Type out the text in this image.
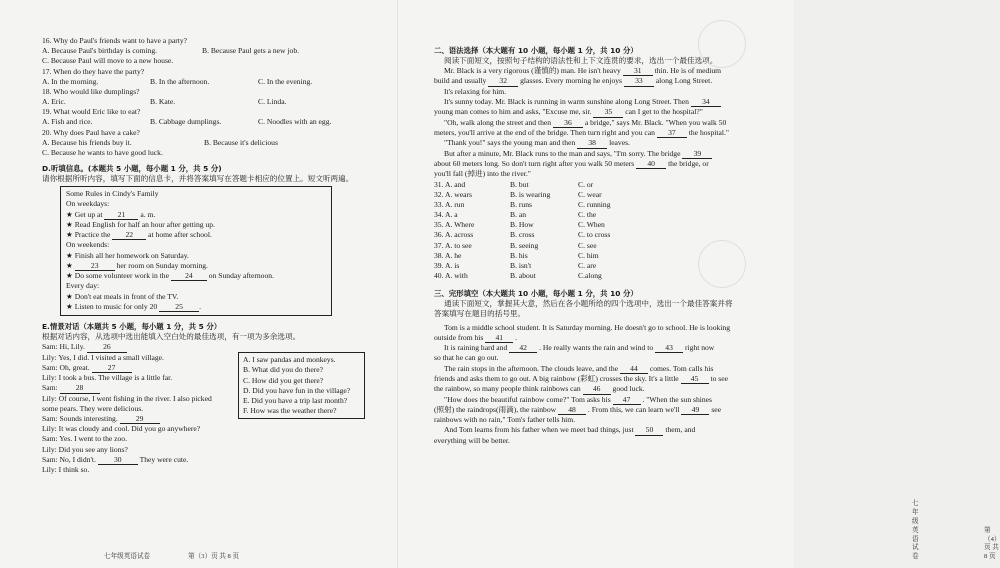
16. Why do Paul's friends want to have a party?
A. Because Paul's birthday is coming.	B. Because Paul gets a new job.
C. Because Paul will move to a new house.
17. When do they have the party?
A. In the morning.	B. In the afternoon.	C. In the evening.
18. Who would like dumplings?
A. Eric.	B. Kate.	C. Linda.
19. What would Eric like to eat?
A. Fish and rice.	B. Cabbage dumplings.	C. Noodles with an egg.
20. Why does Paul have a cake?
A. Because his friends buy it.	B. Because it's delicious
C. Because he wants to have good luck.
D.听填信息。(本题共 5 小题，每小题 1 分，共 5 分)
请你根据所听内容，填写下面的信息卡，并将答案填写在答题卡相应的位置上。短文听两遍。
Some Rules in Cindy's Family
On weekdays:
★ Get up at 21 a. m.
★ Read English for half an hour after getting up.
★ Practice the 22 at home after school.
On weekends:
★ Finish all her homework on Saturday.
★ 23 her room on Sunday morning.
★ Do some volunteer work in the 24 on Sunday afternoon.
Every day:
★ Don't eat meals in front of the TV.
★ Listen to music for only 20 25 .
E.情景对话（本题共 5 小题，每小题 1 分，共 5 分）
根据对话内容，从选项中选出能填入空白处的最佳选项，有一项为多余选项。
Sam: Hi, Lily. 26
Lily: Yes, I did. I visited a small village.
Sam: Oh, great. 27
Lily: I took a bus. The village is a little far.
Sam: 28
Lily: Of course, I went fishing in the river. I also picked
some pears. They were delicious.
Sam: Sounds interesting. 29
Lily: It was cloudy and cool. Did you go anywhere?
Sam: Yes. I went to the zoo.
Lily: Did you see any lions?
Sam: No, I didn't. 30 They were cute.
Lily: I think so.
A. I saw pandas and monkeys.
B. What did you do there?
C. How did you get there?
D. Did you have fun in the village?
E. Did you have a trip last month?
F. How was the weather there?
七年级英语试卷	第（3）页 共 8 页
二、语法选择（本大题有 10 小题，每小题 1 分，共 10 分）
阅读下面短文，按照句子结构的语法性和上下文连贯的要求，选出一个最佳选项。
Mr. Black is a very rigorous (谨慎的) man. He isn't heavy 31 thin. He is of medium
build and usually 32 glasses. Every morning he enjoys 33 along Long Street.
It's relaxing for him.
It's sunny today. Mr. Black is running in warm sunshine along Long Street. Then 34
young man comes to him and asks, "Excuse me, sir. 35 can I get to the hospital?"
"Oh, walk along the street and then 36 a bridge," says Mr. Black. "When you walk 50
meters, you'll arrive at the end of the bridge. Then turn right and you can 37 the hospital."
"Thank you!" says the young man and then 38 leaves.
But after a minute, Mr. Black runs to the man and says, "I'm sorry. The bridge 39
about 60 meters long. So don't turn right after you walk 50 meters 40 the bridge, or
you'll fall (掉进) into the river."
31. A. and	B. but	C. or
32. A. wears	B. is wearing	C. wear
33. A. run	B. runs	C. running
34. A. a	B. an	C. the
35. A. Where	B. How	C. When
36. A. across	B. cross	C. to cross
37. A. to see	B. seeing	C. see
38. A. he	B. his	C. him
39. A. is	B. isn't	C. are
40. A. with	B. about	C.along
三、完形填空（本大题共 10 小题，每小题 1 分，共 10 分）
通读下面短文，掌握其大意，然后在各小题所给的四个选项中，选出一个最佳答案并将
答案填写在题目的括号里。
Tom is a middle school student. It is Saturday morning. He doesn't go to school. He is looking
outside from his 41 .
It is raining hard and 42 . He really wants the rain and wind to 43 right now
so that he can go out.
The rain stops in the afternoon. The clouds leave, and the 44 comes. Tom calls his
friends and asks them to go out. A big rainbow (彩虹) crosses the sky. It's a little 45 to see
the rainbow, so many people think rainbows can 46 good luck.
"How does the beautiful rainbow come?" Tom asks his 47 . "When the sun shines
(照射) the raindrops(雨滴), the rainbow 48 . From this, we can learn we'll 49 see
rainbows with no rain," Tom's father tells him.
And Tom learns from his father when we meet bad things, just 50 them, and
everything will be better.
七年级英语试卷
第（4）页 共 8 页
